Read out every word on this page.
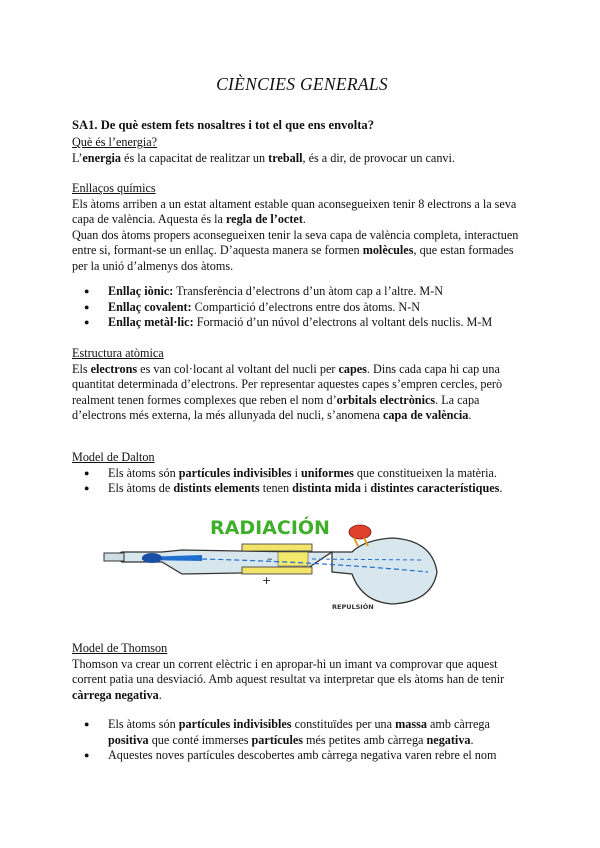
CIÈNCIES GENERALS
SA1. De què estem fets nosaltres i tot el que ens envolta?
Què és l’energia?
L’energia és la capacitat de realitzar un treball, és a dir, de provocar un canvi.
Enllaços químics
Els àtoms arriben a un estat altament estable quan aconsegueixen tenir 8 electrons a la seva capa de valència. Aquesta és la regla de l’octet.
Quan dos àtoms propers aconsegueixen tenir la seva capa de valència completa, interactuen entre si, formant-se un enllaç. D’aquesta manera se formen molècules, que estan formades per la unió d’almenys dos àtoms.
● Enllaç iònic: Transferència d’electrons d’un àtom cap a l’altre. M-N
● Enllaç covalent: Compartició d’electrons entre dos àtoms. N-N
● Enllaç metàl·lic: Formació d’un núvol d’electrons al voltant dels nuclis. M-M
Estructura atòmica
Els electrons es van col·locant al voltant del nucli per capes. Dins cada capa hi cap una quantitat determinada d’electrons. Per representar aquestes capes s’empren cercles, però realment tenen formes complexes que reben el nom d’orbitals electrònics. La capa d’electrons més externa, la més allunyada del nucli, s’anomena capa de valència.
Model de Dalton
● Els àtoms són partícules indivisibles i uniformes que constitueixen la matèria.
● Els àtoms de distints elements tenen distinta mida i distintes característiques.
RADIACIÓN
–
+
REPULSIÓN
Model de Thomson
Thomson va crear un corrent elèctric i en apropar-hi un imant va comprovar que aquest corrent patia una desviació. Amb aquest resultat va interpretar que els àtoms han de tenir càrrega negativa.
● Els àtoms són partícules indivisibles constituïdes per una massa amb càrrega positiva que conté immerses partícules més petites amb càrrega negativa.
● Aquestes noves partícules descobertes amb càrrega negativa varen rebre el nom
